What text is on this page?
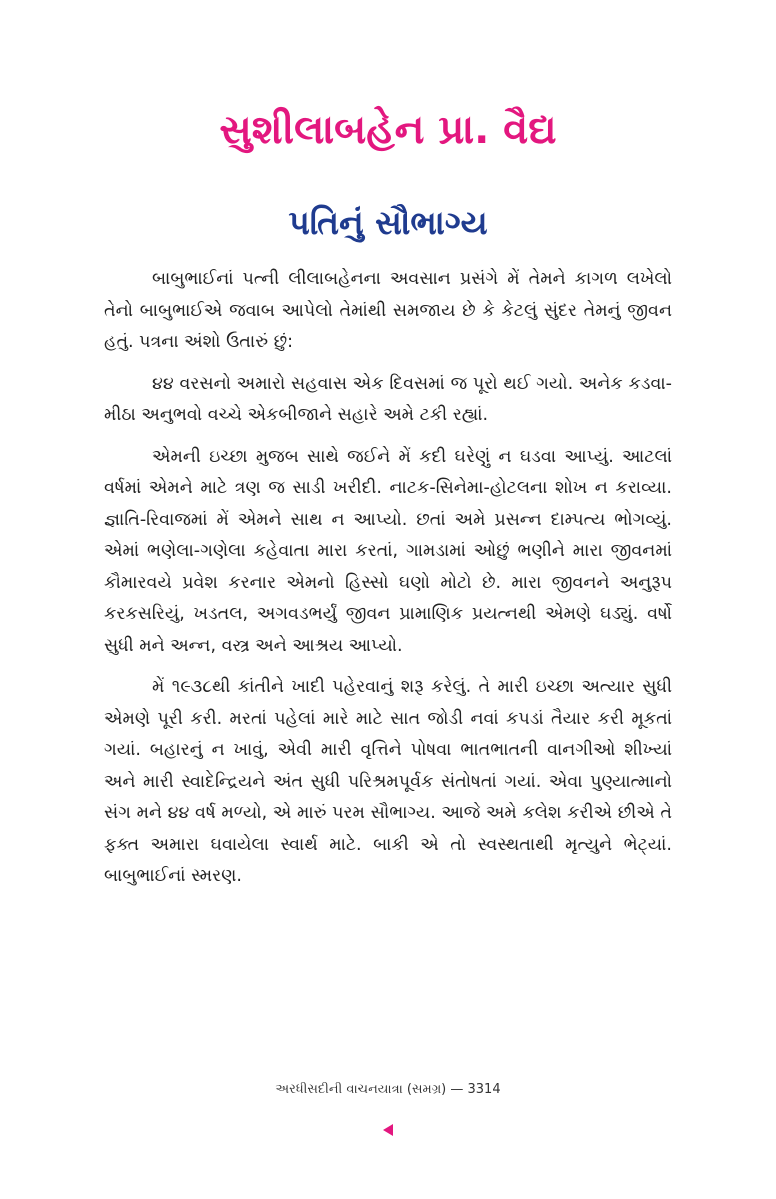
સુશીલાબહેન પ્રા. વૈદ્ય
પતિનું સૌભાગ્ય

બાબુભાઈનાં પત્ની લીલાબહેનના અવસાન પ્રસંગે મેં તેમને કાગળ લખેલો તેનો બાબુભાઈએ જવાબ આપેલો તેમાંથી સમજાય છે કે કેટલું સુંદર તેમનું જીવન હતું. પત્રના અંશો ઉતારું છું:

૪૪ વરસનો અમારો સહવાસ એક દિવસમાં જ પૂરો થઈ ગયો. અનેક કડવા-મીઠા અનુભવો વચ્ચે એકબીજાને સહારે અમે ટકી રહ્યાં.

એમની ઇચ્છા મુજબ સાથે જઈને મેં કદી ઘરેણું ન ઘડવા આપ્યું. આટલાં વર્ષમાં એમને માટે ત્રણ જ સાડી ખરીદી. નાટક-સિનેમા-હોટલના શોખ ન કરાવ્યા. જ્ઞાતિ-રિવાજમાં મેં એમને સાથ ન આપ્યો. છતાં અમે પ્રસન્ન દામ્પત્ય ભોગવ્યું. એમાં ભણેલા-ગણેલા કહેવાતા મારા કરતાં, ગામડામાં ઓછું ભણીને મારા જીવનમાં કૌમારવયે પ્રવેશ કરનાર એમનો હિસ્સો ઘણો મોટો છે. મારા જીવનને અનુરૂપ કરકસરિયું, ખડતલ, અગવડભર્યું જીવન પ્રામાણિક પ્રયત્નથી એમણે ઘડ્યું. વર્ષો સુધી મને અન્ન, વસ્ત્ર અને આશ્રય આપ્યો.

મેં ૧૯૩૮થી કાંતીને ખાદી પહેરવાનું શરૂ કરેલું. તે મારી ઇચ્છા અત્યાર સુધી એમણે પૂરી કરી. મરતાં પહેલાં મારે માટે સાત જોડી નવાં કપડાં તૈયાર કરી મૂકતાં ગયાં. બહારનું ન ખાવું, એવી મારી વૃત્તિને પોષવા ભાતભાતની વાનગીઓ શીખ્યાં અને મારી સ્વાદેન્દ્રિયને અંત સુધી પરિશ્રમપૂર્વક સંતોષતાં ગયાં. એવા પુણ્યાત્માનો સંગ મને ૪૪ વર્ષ મળ્યો, એ મારું પરમ સૌભાગ્ય. આજે અમે કલેશ કરીએ છીએ તે ફક્ત અમારા ઘવાયેલા સ્વાર્થ માટે. બાકી એ તો સ્વસ્થતાથી મૃત્યુને ભેટ્યાં. બાબુભાઈનાં સ્મરણ.

અરધીસદીની વાચનયાત્રા (સમગ્ર) — 3314
